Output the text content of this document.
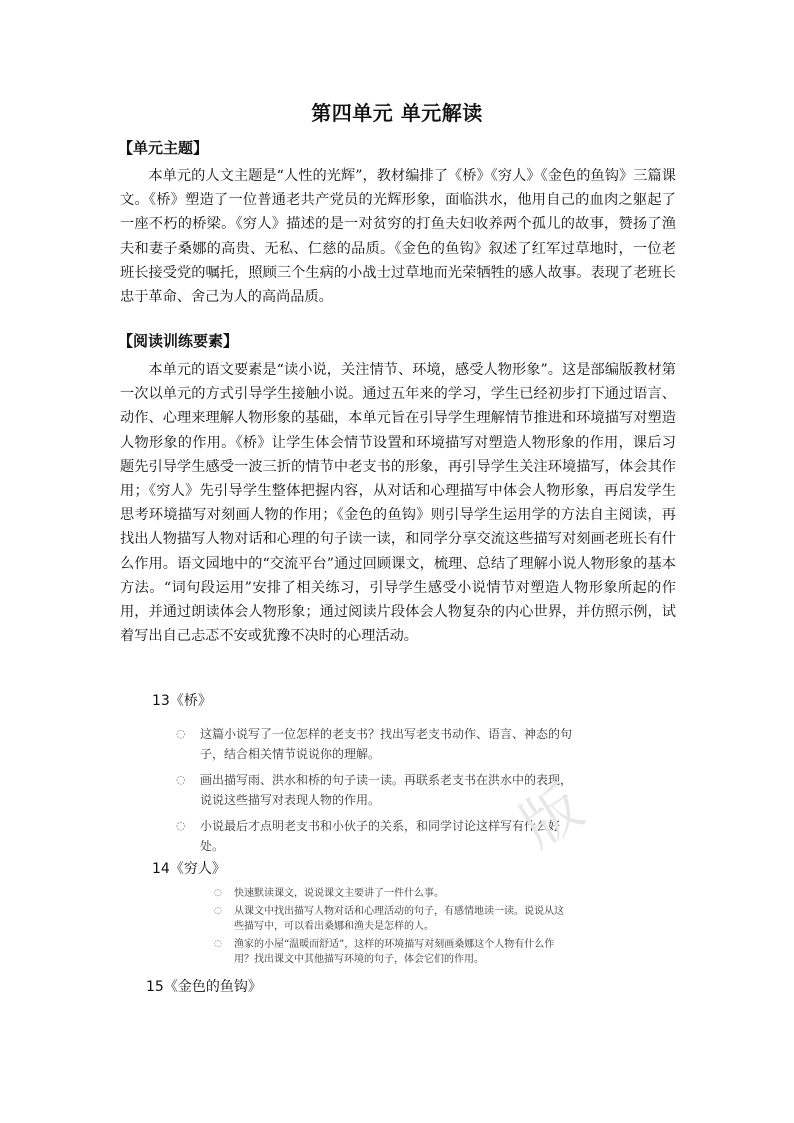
第四单元 单元解读
【单元主题】

本单元的人文主题是“人性的光辉”，教材编排了《桥》《穷人》《金色的鱼钩》三篇课文。《桥》塑造了一位普通老共产党员的光辉形象，面临洪水，他用自己的血肉之躯起了一座不朽的桥梁。《穷人》描述的是一对贫穷的打鱼夫妇收养两个孤儿的故事，赞扬了渔夫和妻子桑娜的高贵、无私、仁慈的品质。《金色的鱼钩》叙述了红军过草地时，一位老班长接受党的嘱托，照顾三个生病的小战士过草地而光荣牺牲的感人故事。表现了老班长忠于革命、舍己为人的高尚品质。

【阅读训练要素】

本单元的语文要素是“读小说，关注情节、环境，感受人物形象”。这是部编版教材第一次以单元的方式引导学生接触小说。通过五年来的学习，学生已经初步打下通过语言、动作、心理来理解人物形象的基础，本单元旨在引导学生理解情节推进和环境描写对塑造人物形象的作用。《桥》让学生体会情节设置和环境描写对塑造人物形象的作用，课后习题先引导学生感受一波三折的情节中老支书的形象，再引导学生关注环境描写，体会其作用；《穷人》先引导学生整体把握内容，从对话和心理描写中体会人物形象，再启发学生思考环境描写对刻画人物的作用；《金色的鱼钩》则引导学生运用学的方法自主阅读，再找出人物描写人物对话和心理的句子读一读，和同学分享交流这些描写对刻画老班长有什么作用。语文园地中的“交流平台”通过回顾课文，梳理、总结了理解小说人物形象的基本方法。“词句段运用”安排了相关练习，引导学生感受小说情节对塑造人物形象所起的作用，并通过朗读体会人物形象；通过阅读片段体会人物复杂的内心世界，并仿照示例，试着写出自己忐忑不安或犹豫不决时的心理活动。

13《桥》
◌ 这篇小说写了一位怎样的老支书？找出写老支书动作、语言、神态的句子，结合相关情节说说你的理解。
◌ 画出描写雨、洪水和桥的句子读一读。再联系老支书在洪水中的表现，说说这些描写对表现人物的作用。
◌ 小说最后才点明老支书和小伙子的关系，和同学讨论这样写有什么好处。	版
14《穷人》
◌ 快速默读课文，说说课文主要讲了一件什么事。
◌ 从课文中找出描写人物对话和心理活动的句子，有感情地读一读。说说从这些描写中，可以看出桑娜和渔夫是怎样的人。
◌ 渔家的小屋“温暖而舒适”，这样的环境描写对刻画桑娜这个人物有什么作用？找出课文中其他描写环境的句子，体会它们的作用。
15《金色的鱼钩》
